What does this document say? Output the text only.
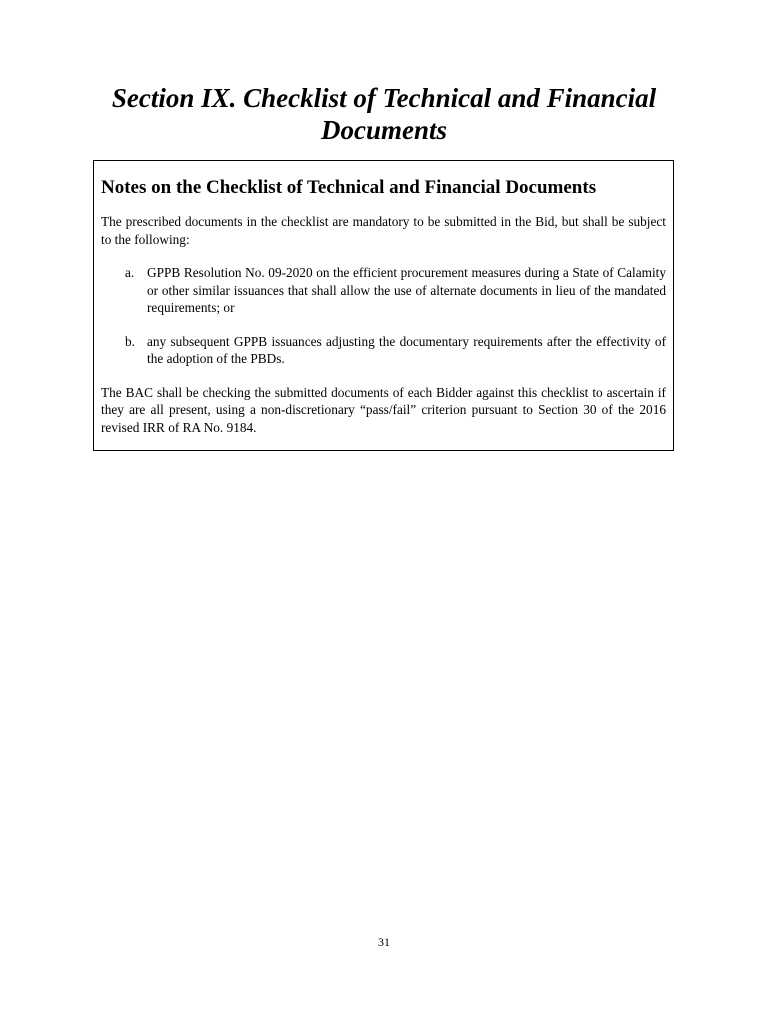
Section IX. Checklist of Technical and Financial Documents
Notes on the Checklist of Technical and Financial Documents

The prescribed documents in the checklist are mandatory to be submitted in the Bid, but shall be subject to the following:

a. GPPB Resolution No. 09-2020 on the efficient procurement measures during a State of Calamity or other similar issuances that shall allow the use of alternate documents in lieu of the mandated requirements; or
b. any subsequent GPPB issuances adjusting the documentary requirements after the effectivity of the adoption of the PBDs.

The BAC shall be checking the submitted documents of each Bidder against this checklist to ascertain if they are all present, using a non-discretionary “pass/fail” criterion pursuant to Section 30 of the 2016 revised IRR of RA No. 9184.

31
